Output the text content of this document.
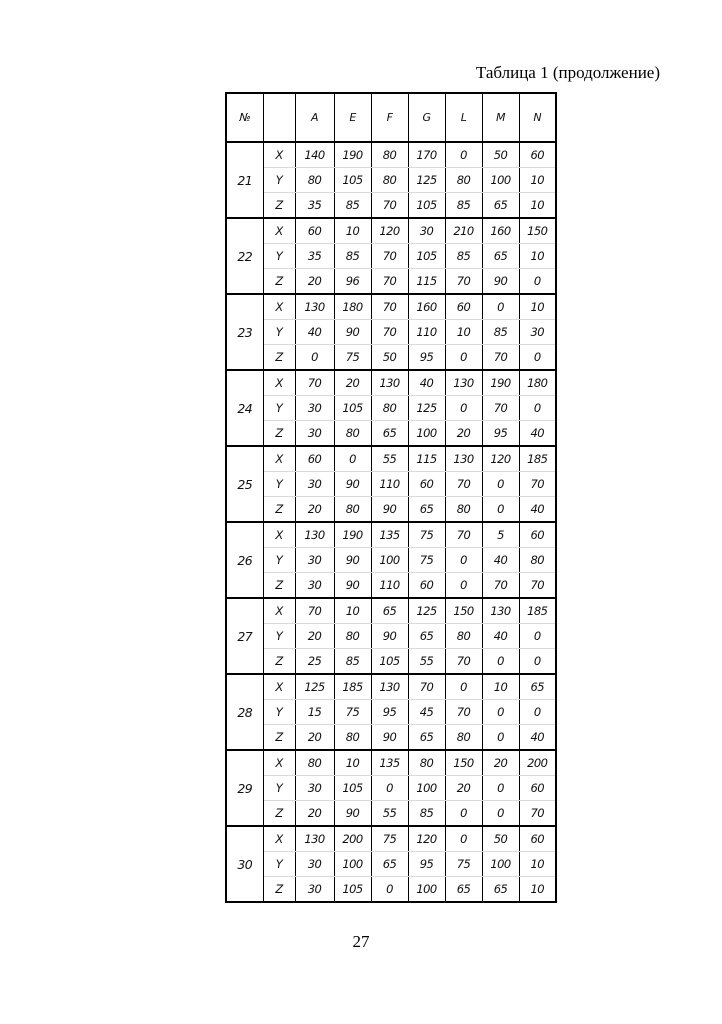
Таблица 1 (продолжение)
№		A	E	F	G	L	M	N
21	X	140	190	80	170	0	50	60
	Y	80	105	80	125	80	100	10
	Z	35	85	70	105	85	65	10
22	X	60	10	120	30	210	160	150
	Y	35	85	70	105	85	65	10
	Z	20	96	70	115	70	90	0
23	X	130	180	70	160	60	0	10
	Y	40	90	70	110	10	85	30
	Z	0	75	50	95	0	70	0
24	X	70	20	130	40	130	190	180
	Y	30	105	80	125	0	70	0
	Z	30	80	65	100	20	95	40
25	X	60	0	55	115	130	120	185
	Y	30	90	110	60	70	0	70
	Z	20	80	90	65	80	0	40
26	X	130	190	135	75	70	5	60
	Y	30	90	100	75	0	40	80
	Z	30	90	110	60	0	70	70
27	X	70	10	65	125	150	130	185
	Y	20	80	90	65	80	40	0
	Z	25	85	105	55	70	0	0
28	X	125	185	130	70	0	10	65
	Y	15	75	95	45	70	0	0
	Z	20	80	90	65	80	0	40
29	X	80	10	135	80	150	20	200
	Y	30	105	0	100	20	0	60
	Z	20	90	55	85	0	0	70
30	X	130	200	75	120	0	50	60
	Y	30	100	65	95	75	100	10
	Z	30	105	0	100	65	65	10
27
